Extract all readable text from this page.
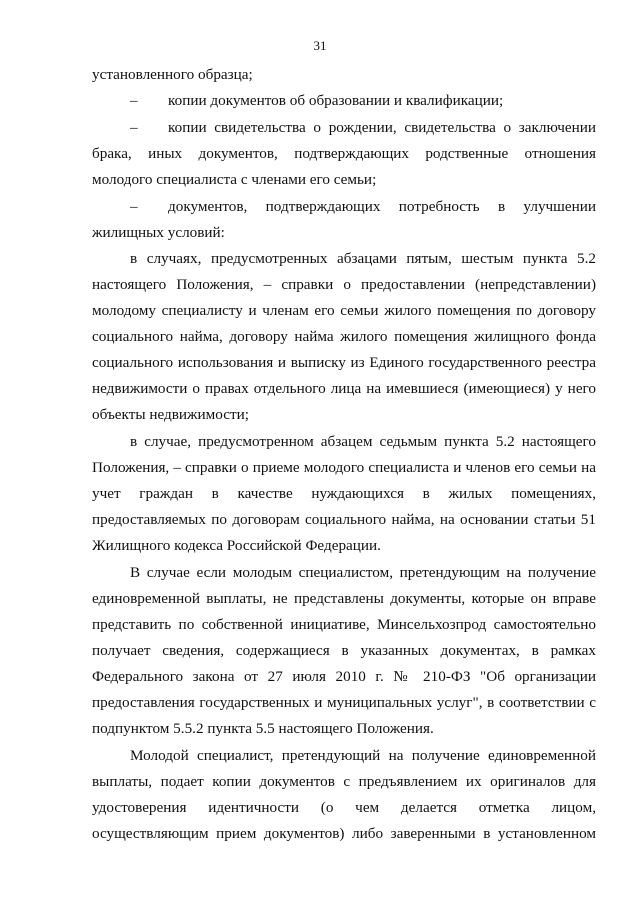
31
установленного образца;
– копии документов об образовании и квалификации;
– копии свидетельства о рождении, свидетельства о заключении
брака, иных документов, подтверждающих родственные отношения
молодого специалиста с членами его семьи;
– документов, подтверждающих потребность в улучшении
жилищных условий:
в случаях, предусмотренных абзацами пятым, шестым пункта 5.2
настоящего Положения, – справки о предоставлении (непредставлении)
молодому специалисту и членам его семьи жилого помещения по договору
социального найма, договору найма жилого помещения жилищного фонда
социального использования и выписку из Единого государственного реестра
недвижимости о правах отдельного лица на имевшиеся (имеющиеся) у него
объекты недвижимости;
в случае, предусмотренном абзацем седьмым пункта 5.2 настоящего
Положения, – справки о приеме молодого специалиста и членов его семьи на
учет граждан в качестве нуждающихся в жилых помещениях,
предоставляемых по договорам социального найма, на основании статьи 51
Жилищного кодекса Российской Федерации.
В случае если молодым специалистом, претендующим на получение
единовременной выплаты, не представлены документы, которые он вправе
представить по собственной инициативе, Минсельхозпрод самостоятельно
получает сведения, содержащиеся в указанных документах, в рамках
Федерального закона от 27 июля 2010 г. № 210-ФЗ "Об организации
предоставления государственных и муниципальных услуг", в соответствии с
подпунктом 5.5.2 пункта 5.5 настоящего Положения.
Молодой специалист, претендующий на получение единовременной
выплаты, подает копии документов с предъявлением их оригиналов для
удостоверения идентичности (о чем делается отметка лицом,
осуществляющим прием документов) либо заверенными в установленном
